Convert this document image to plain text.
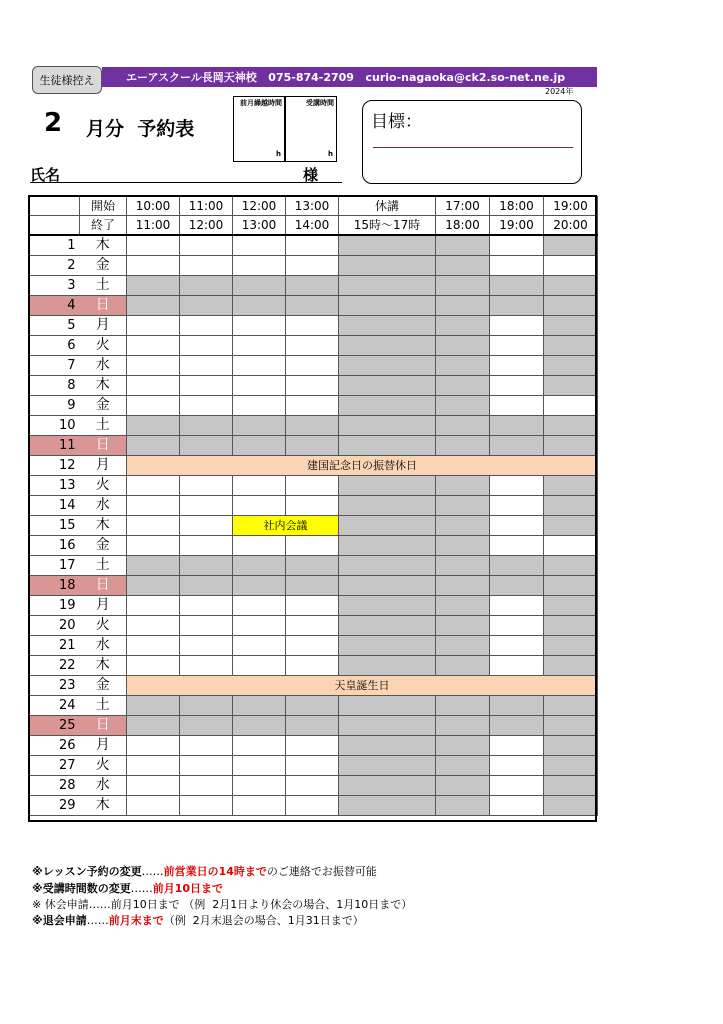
生徒様控え	エーアスクール長岡天神校
075-874-2709
curio-nagaoka@ck2.so-net.ne.jp
2024年
2 月分  予約表
前月繰越時間
h
受講時間
h
目標：
氏名	様
	開始	10:00	11:00	12:00	13:00	休講	17:00	18:00	19:00
	終了	11:00	12:00	13:00	14:00	15時～17時	18:00	19:00	20:00
1	木								
2	金								
3	土								
4	日								
5	月								
6	火								
7	水								
8	木								
9	金								
10	土								
11	日								
12	月	建国記念日の振替休日							
13	火								
14	水								
15	木			社内会議					
16	金								
17	土								
18	日								
19	月								
20	火								
21	水								
22	木								
23	金	天皇誕生日							
24	土								
25	日								
26	月								
27	火								
28	水								
29	木								
※レッスン予約の変更……前営業日の14時までのご連絡でお振替可能
※受講時間数の変更……前月10日まで
※ 休会申請……前月10日まで （例  2月1日より休会の場合、1月10日まで）
※退会申請……前月末まで（例  2月末退会の場合、1月31日まで）
